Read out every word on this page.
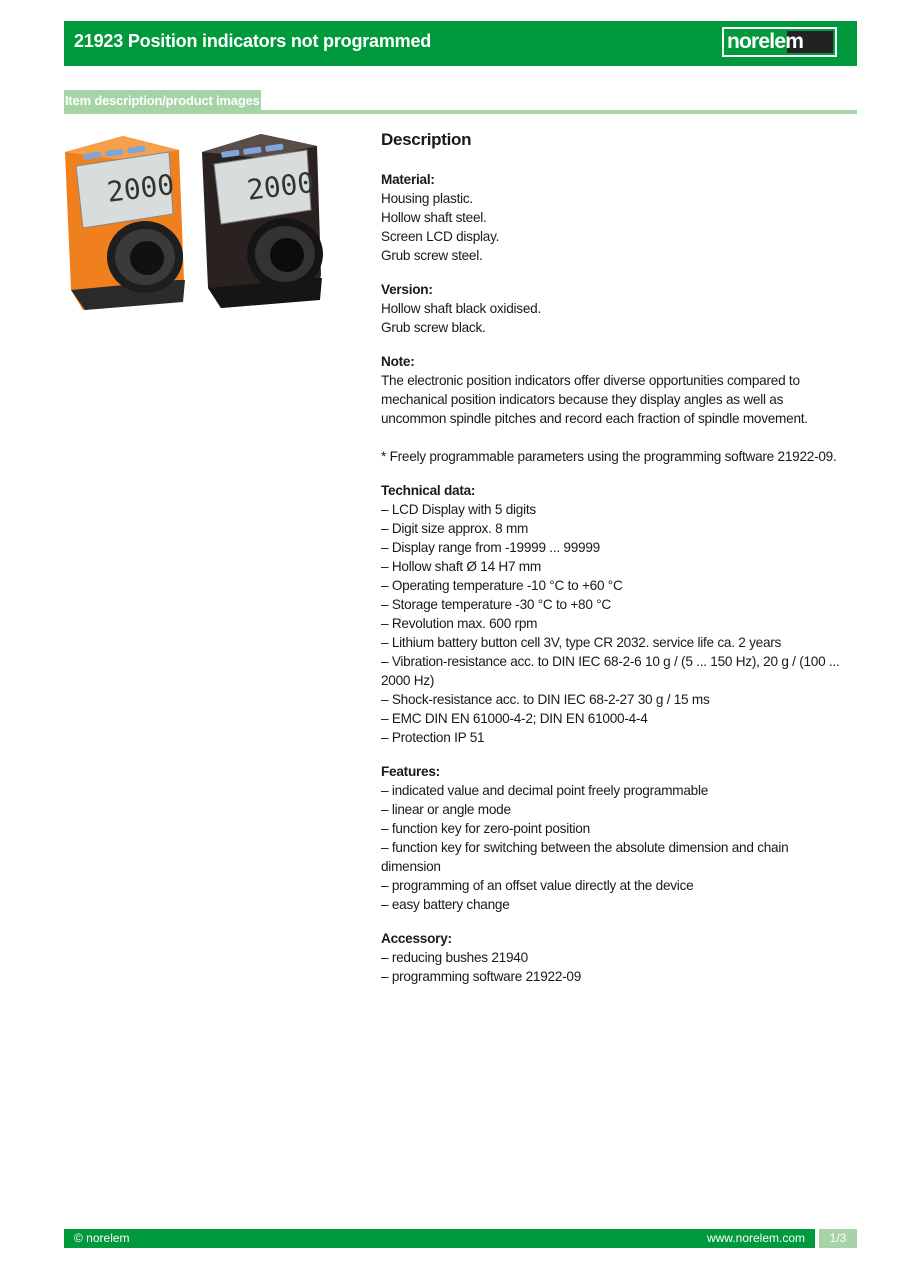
21923 Position indicators not programmed	norelem
Item description/product images
2000 2000
Description
Material:
Housing plastic.
Hollow shaft steel.
Screen LCD display.
Grub screw steel.
Version:
Hollow shaft black oxidised.
Grub screw black.
Note:
The electronic position indicators offer diverse opportunities compared to mechanical position indicators because they display angles as well as uncommon spindle pitches and record each fraction of spindle movement.
* Freely programmable parameters using the programming software 21922-09.
Technical data:
– LCD Display with 5 digits
– Digit size approx. 8 mm
– Display range from -19999 ... 99999
– Hollow shaft Ø 14 H7 mm
– Operating temperature -10 °C to +60 °C
– Storage temperature -30 °C to +80 °C
– Revolution max. 600 rpm
– Lithium battery button cell 3V, type CR 2032. service life ca. 2 years
– Vibration-resistance acc. to DIN IEC 68-2-6 10 g / (5 ... 150 Hz), 20 g / (100 ... 2000 Hz)
– Shock-resistance acc. to DIN IEC 68-2-27 30 g / 15 ms
– EMC DIN EN 61000-4-2; DIN EN 61000-4-4
– Protection IP 51
Features:
– indicated value and decimal point freely programmable
– linear or angle mode
– function key for zero-point position
– function key for switching between the absolute dimension and chain dimension
– programming of an offset value directly at the device
– easy battery change
Accessory:
– reducing bushes 21940
– programming software 21922-09
© norelem	www.norelem.com	1/3
